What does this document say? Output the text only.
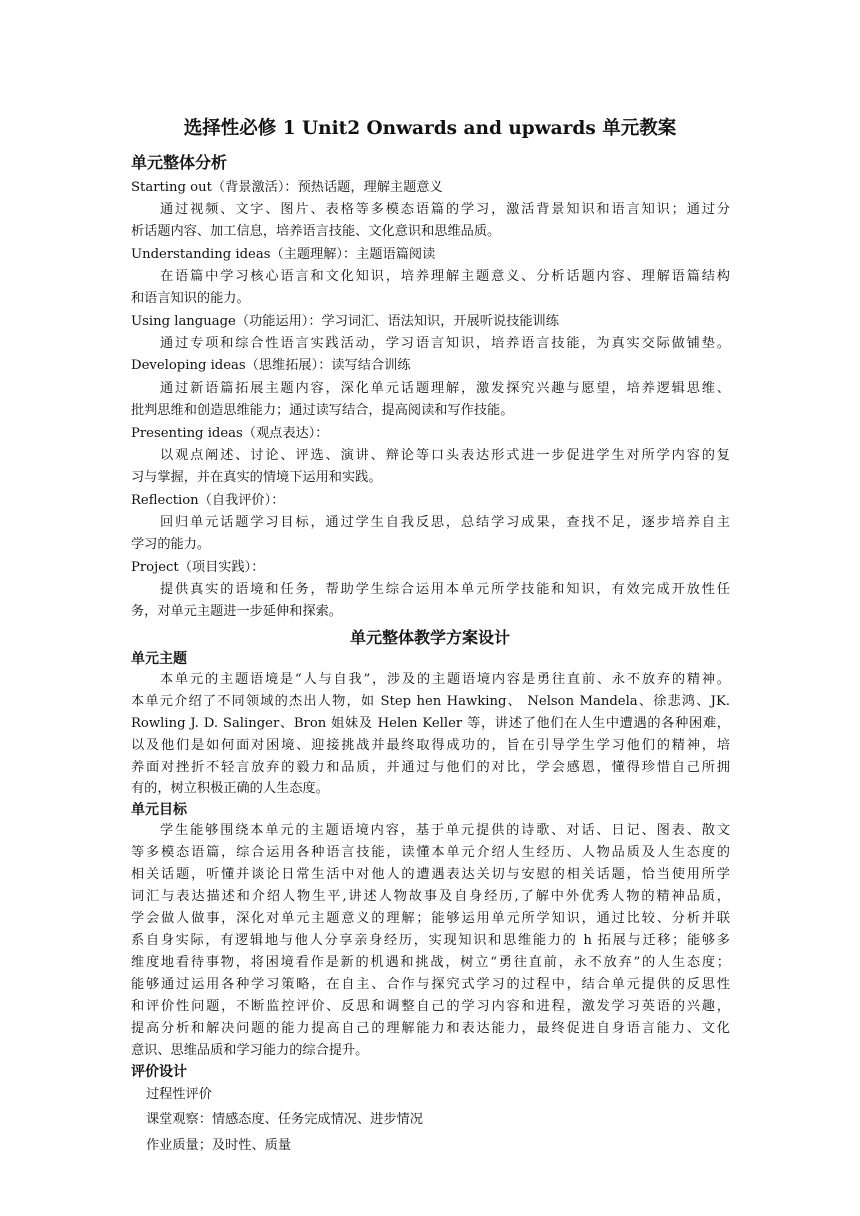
选择性必修 1 Unit2 Onwards and upwards 单元教案
单元整体分析
Starting out（背景激活）：预热话题，理解主题意义
通过视频、文字、图片、表格等多模态语篇的学习，激活背景知识和语言知识；通过分
析话题内容、加工信息，培养语言技能、文化意识和思维品质。
Understanding ideas（主题理解）：主题语篇阅读
在语篇中学习核心语言和文化知识，培养理解主题意义、分析话题内容、理解语篇结构
和语言知识的能力。
Using language（功能运用）：学习词汇、语法知识，开展听说技能训练
通过专项和综合性语言实践活动，学习语言知识，培养语言技能，为真实交际做铺垫。
Developing ideas（思维拓展）：读写结合训练
通过新语篇拓展主题内容，深化单元话题理解，激发探究兴趣与愿望，培养逻辑思维、
批判思维和创造思维能力；通过读写结合，提高阅读和写作技能。
Presenting ideas（观点表达）：
以观点阐述、讨论、评选、演讲、辩论等口头表达形式进一步促进学生对所学内容的复
习与掌握，并在真实的情境下运用和实践。
Reflection（自我评价）：
回归单元话题学习目标，通过学生自我反思，总结学习成果，查找不足，逐步培养自主
学习的能力。
Project（项目实践）：
提供真实的语境和任务，帮助学生综合运用本单元所学技能和知识，有效完成开放性任
务，对单元主题进一步延伸和探索。
单元整体教学方案设计
单元主题
本单元的主题语境是“人与自我”，涉及的主题语境内容是勇往直前、永不放弃的精神。
本单元介绍了不同领域的杰出人物，如 Step hen Hawking、 Nelson Mandela、徐悲鸿、JK.
Rowling J. D. Salinger、Bron 姐妹及 Helen Keller 等，讲述了他们在人生中遭遇的各种困难，
以及他们是如何面对困境、迎接挑战并最终取得成功的，旨在引导学生学习他们的精神，培
养面对挫折不轻言放弃的毅力和品质，并通过与他们的对比，学会感恩，懂得珍惜自己所拥
有的，树立积极正确的人生态度。
单元目标
学生能够围绕本单元的主题语境内容，基于单元提供的诗歌、对话、日记、图表、散文
等多模态语篇，综合运用各种语言技能，读懂本单元介绍人生经历、人物品质及人生态度的
相关话题，听懂并谈论日常生活中对他人的遭遇表达关切与安慰的相关话题，恰当使用所学
词汇与表达描述和介绍人物生平,讲述人物故事及自身经历,了解中外优秀人物的精神品质，
学会做人做事，深化对单元主题意义的理解；能够运用单元所学知识，通过比较、分析并联
系自身实际，有逻辑地与他人分享亲身经历，实现知识和思维能力的 h 拓展与迁移；能够多
维度地看待事物，将困境看作是新的机遇和挑战，树立“勇往直前，永不放弃”的人生态度；
能够通过运用各种学习策略，在自主、合作与探究式学习的过程中，结合单元提供的反思性
和评价性问题，不断监控评价、反思和调整自己的学习内容和进程，激发学习英语的兴趣，
提高分析和解决问题的能力提高自己的理解能力和表达能力，最终促进自身语言能力、文化
意识、思维品质和学习能力的综合提升。
评价设计
过程性评价
课堂观察：情感态度、任务完成情况、进步情况
作业质量；及时性、质量
